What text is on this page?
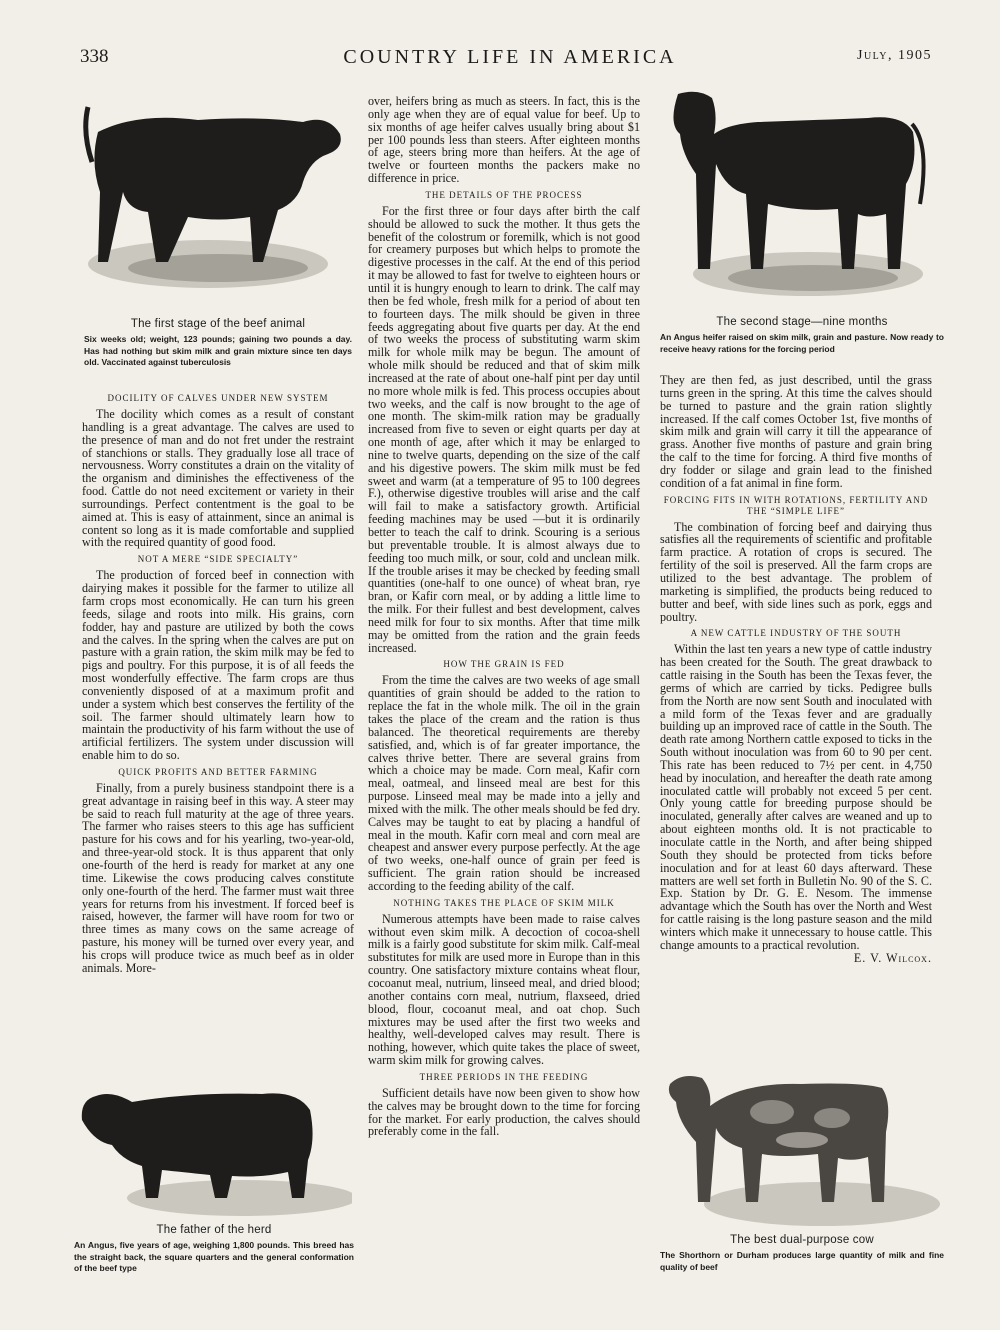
338	COUNTRY LIFE IN AMERICA	July, 1905
The first stage of the beef animal
Six weeks old; weight, 123 pounds; gaining two pounds a day. Has had nothing but skim milk and grain mixture since ten days old. Vaccinated against tuberculosis
The second stage—nine months
An Angus heifer raised on skim milk, grain and pasture. Now ready to receive heavy rations for the forcing period
The father of the herd
An Angus, five years of age, weighing 1,800 pounds. This breed has the straight back, the square quarters and the general conformation of the beef type
The best dual-purpose cow
The Shorthorn or Durham produces large quantity of milk and fine quality of beef
DOCILITY OF CALVES UNDER NEW SYSTEM

The docility which comes as a result of constant handling is a great advantage. The calves are used to the presence of man and do not fret under the restraint of stanchions or stalls. They gradually lose all trace of nervousness. Worry constitutes a drain on the vitality of the organism and diminishes the effectiveness of the food. Cattle do not need excitement or variety in their surroundings. Perfect contentment is the goal to be aimed at. This is easy of attainment, since an animal is content so long as it is made comfortable and supplied with the required quantity of good food.

NOT A MERE “SIDE SPECIALTY”

The production of forced beef in connection with dairying makes it possible for the farmer to utilize all farm crops most economically. He can turn his green feeds, silage and roots into milk. His grains, corn fodder, hay and pasture are utilized by both the cows and the calves. In the spring when the calves are put on pasture with a grain ration, the skim milk may be fed to pigs and poultry. For this purpose, it is of all feeds the most wonderfully effective. The farm crops are thus conveniently disposed of at a maximum profit and under a system which best conserves the fertility of the soil. The farmer should ultimately learn how to maintain the productivity of his farm without the use of artificial fertilizers. The system under discussion will enable him to do so.

QUICK PROFITS AND BETTER FARMING

Finally, from a purely business standpoint there is a great advantage in raising beef in this way. A steer may be said to reach full maturity at the age of three years. The farmer who raises steers to this age has sufficient pasture for his cows and for his yearling, two-year-old, and three-year-old stock. It is thus apparent that only one-fourth of the herd is ready for market at any one time. Likewise the cows producing calves constitute only one-fourth of the herd. The farmer must wait three years for returns from his investment. If forced beef is raised, however, the farmer will have room for two or three times as many cows on the same acreage of pasture, his money will be turned over every year, and his crops will produce twice as much beef as in older animals. More-

over, heifers bring as much as steers. In fact, this is the only age when they are of equal value for beef. Up to six months of age heifer calves usually bring about $1 per 100 pounds less than steers. After eighteen months of age, steers bring more than heifers. At the age of twelve or fourteen months the packers make no difference in price.

THE DETAILS OF THE PROCESS

For the first three or four days after birth the calf should be allowed to suck the mother. It thus gets the benefit of the colostrum or foremilk, which is not good for creamery purposes but which helps to promote the digestive processes in the calf. At the end of this period it may be allowed to fast for twelve to eighteen hours or until it is hungry enough to learn to drink. The calf may then be fed whole, fresh milk for a period of about ten to fourteen days. The milk should be given in three feeds aggregating about five quarts per day. At the end of two weeks the process of substituting warm skim milk for whole milk may be begun. The amount of whole milk should be reduced and that of skim milk increased at the rate of about one-half pint per day until no more whole milk is fed. This process occupies about two weeks, and the calf is now brought to the age of one month. The skim-milk ration may be gradually increased from five to seven or eight quarts per day at one month of age, after which it may be enlarged to nine to twelve quarts, depending on the size of the calf and his digestive powers. The skim milk must be fed sweet and warm (at a temperature of 95 to 100 degrees F.), otherwise digestive troubles will arise and the calf will fail to make a satisfactory growth. Artificial feeding machines may be used —but it is ordinarily better to teach the calf to drink. Scouring is a serious but preventable trouble. It is almost always due to feeding too much milk, or sour, cold and unclean milk. If the trouble arises it may be checked by feeding small quantities (one-half to one ounce) of wheat bran, rye bran, or Kafir corn meal, or by adding a little lime to the milk. For their fullest and best development, calves need milk for four to six months. After that time milk may be omitted from the ration and the grain feeds increased.

HOW THE GRAIN IS FED

From the time the calves are two weeks of age small quantities of grain should be added to the ration to replace the fat in the whole milk. The oil in the grain takes the place of the cream and the ration is thus balanced. The theoretical requirements are thereby satisfied, and, which is of far greater importance, the calves thrive better. There are several grains from which a choice may be made. Corn meal, Kafir corn meal, oatmeal, and linseed meal are best for this purpose. Linseed meal may be made into a jelly and mixed with the milk. The other meals should be fed dry. Calves may be taught to eat by placing a handful of meal in the mouth. Kafir corn meal and corn meal are cheapest and answer every purpose perfectly. At the age of two weeks, one-half ounce of grain per feed is sufficient. The grain ration should be increased according to the feeding ability of the calf.

NOTHING TAKES THE PLACE OF SKIM MILK

Numerous attempts have been made to raise calves without even skim milk. A decoction of cocoa-shell milk is a fairly good substitute for skim milk. Calf-meal substitutes for milk are used more in Europe than in this country. One satisfactory mixture contains wheat flour, cocoanut meal, nutrium, linseed meal, and dried blood; another contains corn meal, nutrium, flaxseed, dried blood, flour, cocoanut meal, and oat chop. Such mixtures may be used after the first two weeks and healthy, well-developed calves may result. There is nothing, however, which quite takes the place of sweet, warm skim milk for growing calves.

THREE PERIODS IN THE FEEDING

Sufficient details have now been given to show how the calves may be brought down to the time for forcing for the market. For early production, the calves should preferably come in the fall.

They are then fed, as just described, until the grass turns green in the spring. At this time the calves should be turned to pasture and the grain ration slightly increased. If the calf comes October 1st, five months of skim milk and grain will carry it till the appearance of grass. Another five months of pasture and grain bring the calf to the time for forcing. A third five months of dry fodder or silage and grain lead to the finished condition of a fat animal in fine form.

FORCING FITS IN WITH ROTATIONS, FERTILITY AND THE “SIMPLE LIFE”

The combination of forcing beef and dairying thus satisfies all the requirements of scientific and profitable farm practice. A rotation of crops is secured. The fertility of the soil is preserved. All the farm crops are utilized to the best advantage. The problem of marketing is simplified, the products being reduced to butter and beef, with side lines such as pork, eggs and poultry.

A NEW CATTLE INDUSTRY OF THE SOUTH

Within the last ten years a new type of cattle industry has been created for the South. The great drawback to cattle raising in the South has been the Texas fever, the germs of which are carried by ticks. Pedigree bulls from the North are now sent South and inoculated with a mild form of the Texas fever and are gradually building up an improved race of cattle in the South. The death rate among Northern cattle exposed to ticks in the South without inoculation was from 60 to 90 per cent. This rate has been reduced to 7½ per cent. in 4,750 head by inoculation, and hereafter the death rate among inoculated cattle will probably not exceed 5 per cent. Only young cattle for breeding purpose should be inoculated, generally after calves are weaned and up to about eighteen months old. It is not practicable to inoculate cattle in the North, and after being shipped South they should be protected from ticks before inoculation and for at least 60 days afterward. These matters are well set forth in Bulletin No. 90 of the S. C. Exp. Station by Dr. G. E. Nesom. The immense advantage which the South has over the North and West for cattle raising is the long pasture season and the mild winters which make it unnecessary to house cattle. This change amounts to a practical revolution.

E. V. Wilcox.
